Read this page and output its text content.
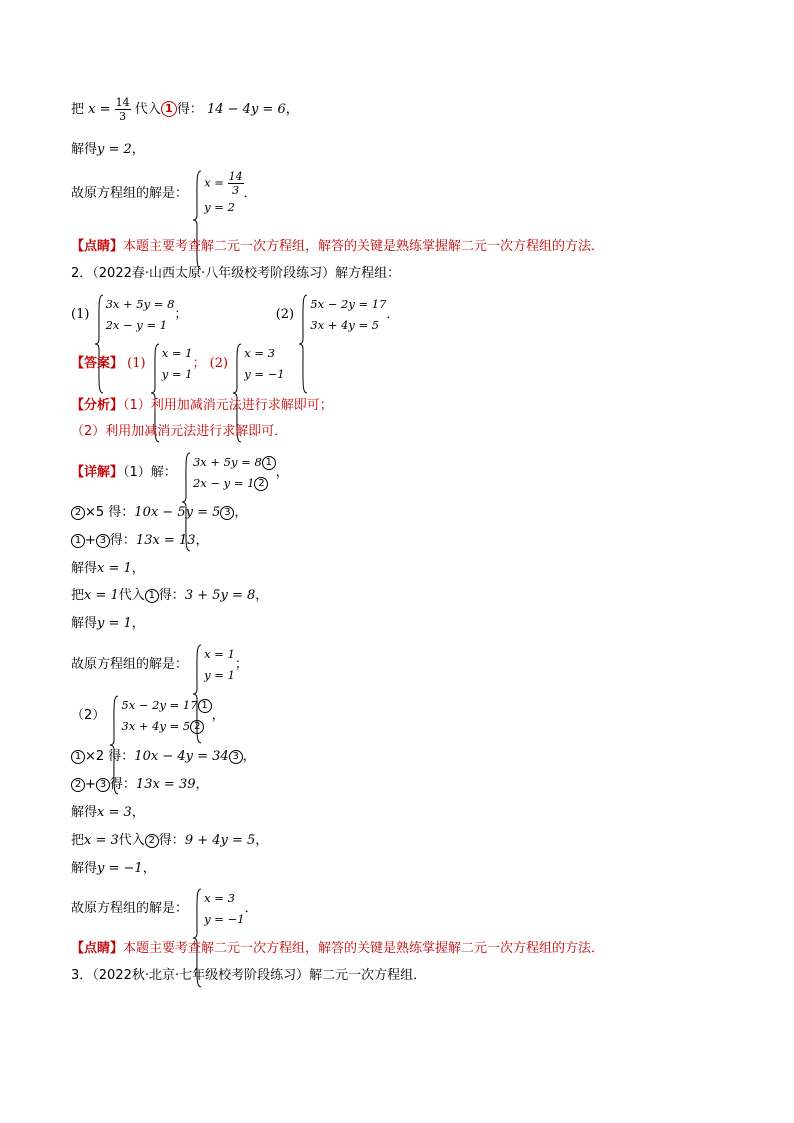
把 $x = \frac{14}{3}$ 代入 1 得： 14 − 4y = 6，
解得y = 2，
故原方程组的解是：
$x = \frac{14}{3}$
y = 2
．
【点睛】本题主要考查解二元一次方程组，解答的关键是熟练掌握解二元一次方程组的方法．
2．（2022春·山西太原·八年级校考阶段练习）解方程组：
(1)
3x + 5y = 8
2x − y = 1
；	(2)
5x − 2y = 17
3x + 4y = 5
．
【答案】 (1)
x = 1
y = 1
； (2)
x = 3
y = −1
【分析】（1）利用加减消元法进行求解即可；
（2）利用加减消元法进行求解即可．
【详解】（1）解：
3x + 5y = 8 1
2x − y = 1 2
，
2 ×5 得：10x − 5y = 5 3 ，
1 + 3 得：13x = 13，
解得x = 1，
把x = 1代入 1 得：3 + 5y = 8，
解得y = 1，
故原方程组的解是：
x = 1
y = 1
；
（2）
5x − 2y = 17 1
3x + 4y = 5 2
，
1 ×2 得：10x − 4y = 34 3 ，
2 + 3 得：13x = 39，
解得x = 3，
把x = 3代入 2 得：9 + 4y = 5，
解得y = −1，
故原方程组的解是：
x = 3
y = −1
．
【点睛】本题主要考查解二元一次方程组，解答的关键是熟练掌握解二元一次方程组的方法．
3．（2022秋·北京·七年级校考阶段练习）解二元一次方程组．
